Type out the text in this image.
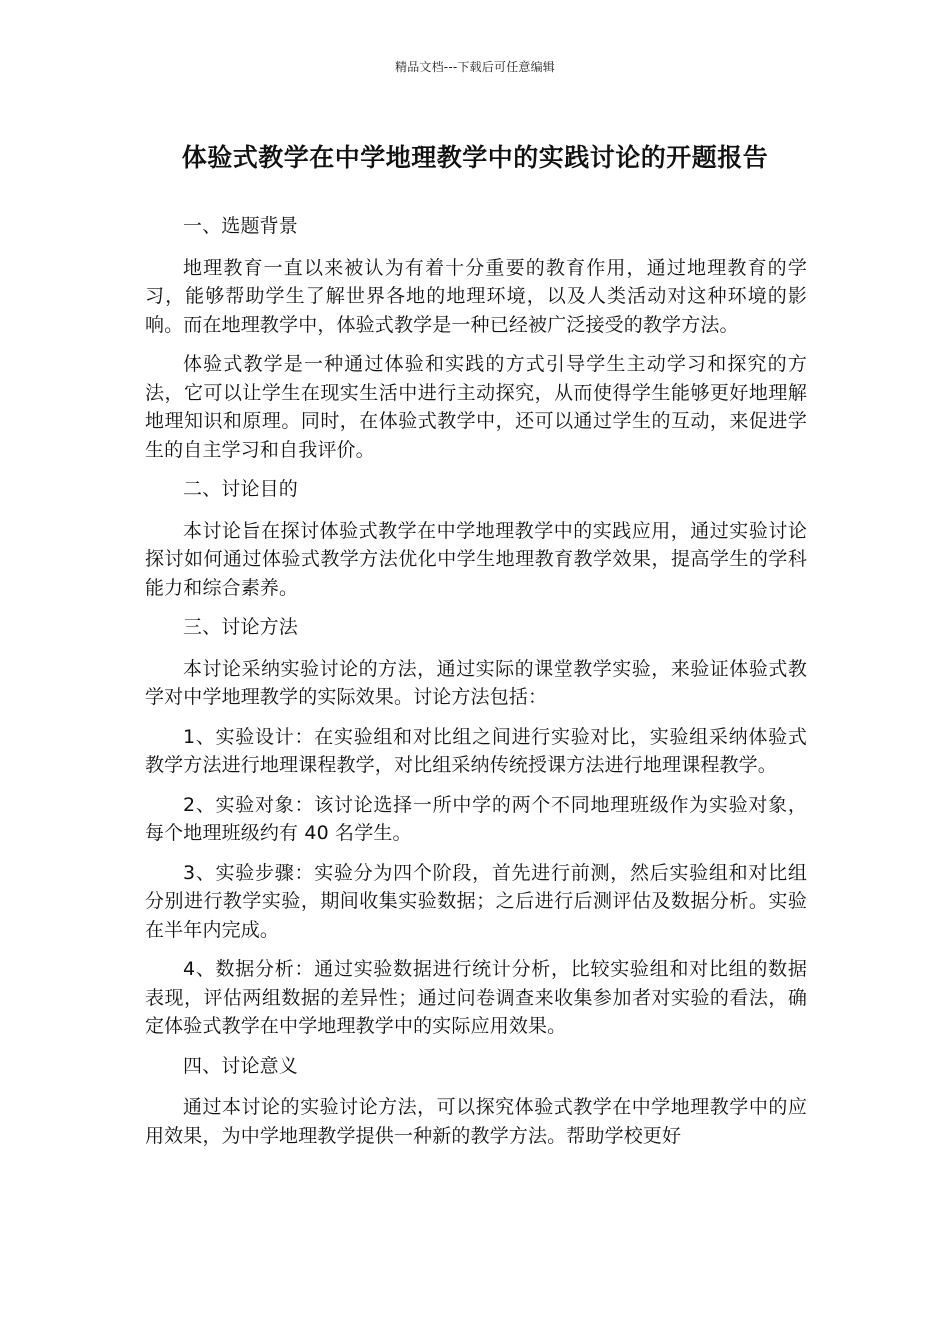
精品文档---下载后可任意编辑
体验式教学在中学地理教学中的实践讨论的开题报告

一、选题背景

地理教育一直以来被认为有着十分重要的教育作用，通过地理教育的学习，能够帮助学生了解世界各地的地理环境，以及人类活动对这种环境的影响。而在地理教学中，体验式教学是一种已经被广泛接受的教学方法。

体验式教学是一种通过体验和实践的方式引导学生主动学习和探究的方法，它可以让学生在现实生活中进行主动探究，从而使得学生能够更好地理解地理知识和原理。同时，在体验式教学中，还可以通过学生的互动，来促进学生的自主学习和自我评价。

二、讨论目的

本讨论旨在探讨体验式教学在中学地理教学中的实践应用，通过实验讨论探讨如何通过体验式教学方法优化中学生地理教育教学效果，提高学生的学科能力和综合素养。

三、讨论方法

本讨论采纳实验讨论的方法，通过实际的课堂教学实验，来验证体验式教学对中学地理教学的实际效果。讨论方法包括：

1、实验设计：在实验组和对比组之间进行实验对比，实验组采纳体验式教学方法进行地理课程教学，对比组采纳传统授课方法进行地理课程教学。

2、实验对象：该讨论选择一所中学的两个不同地理班级作为实验对象，每个地理班级约有 40 名学生。

3、实验步骤：实验分为四个阶段，首先进行前测，然后实验组和对比组分别进行教学实验，期间收集实验数据；之后进行后测评估及数据分析。实验在半年内完成。

4、数据分析：通过实验数据进行统计分析，比较实验组和对比组的数据表现，评估两组数据的差异性；通过问卷调查来收集参加者对实验的看法，确定体验式教学在中学地理教学中的实际应用效果。

四、讨论意义

通过本讨论的实验讨论方法，可以探究体验式教学在中学地理教学中的应用效果，为中学地理教学提供一种新的教学方法。帮助学校更好
